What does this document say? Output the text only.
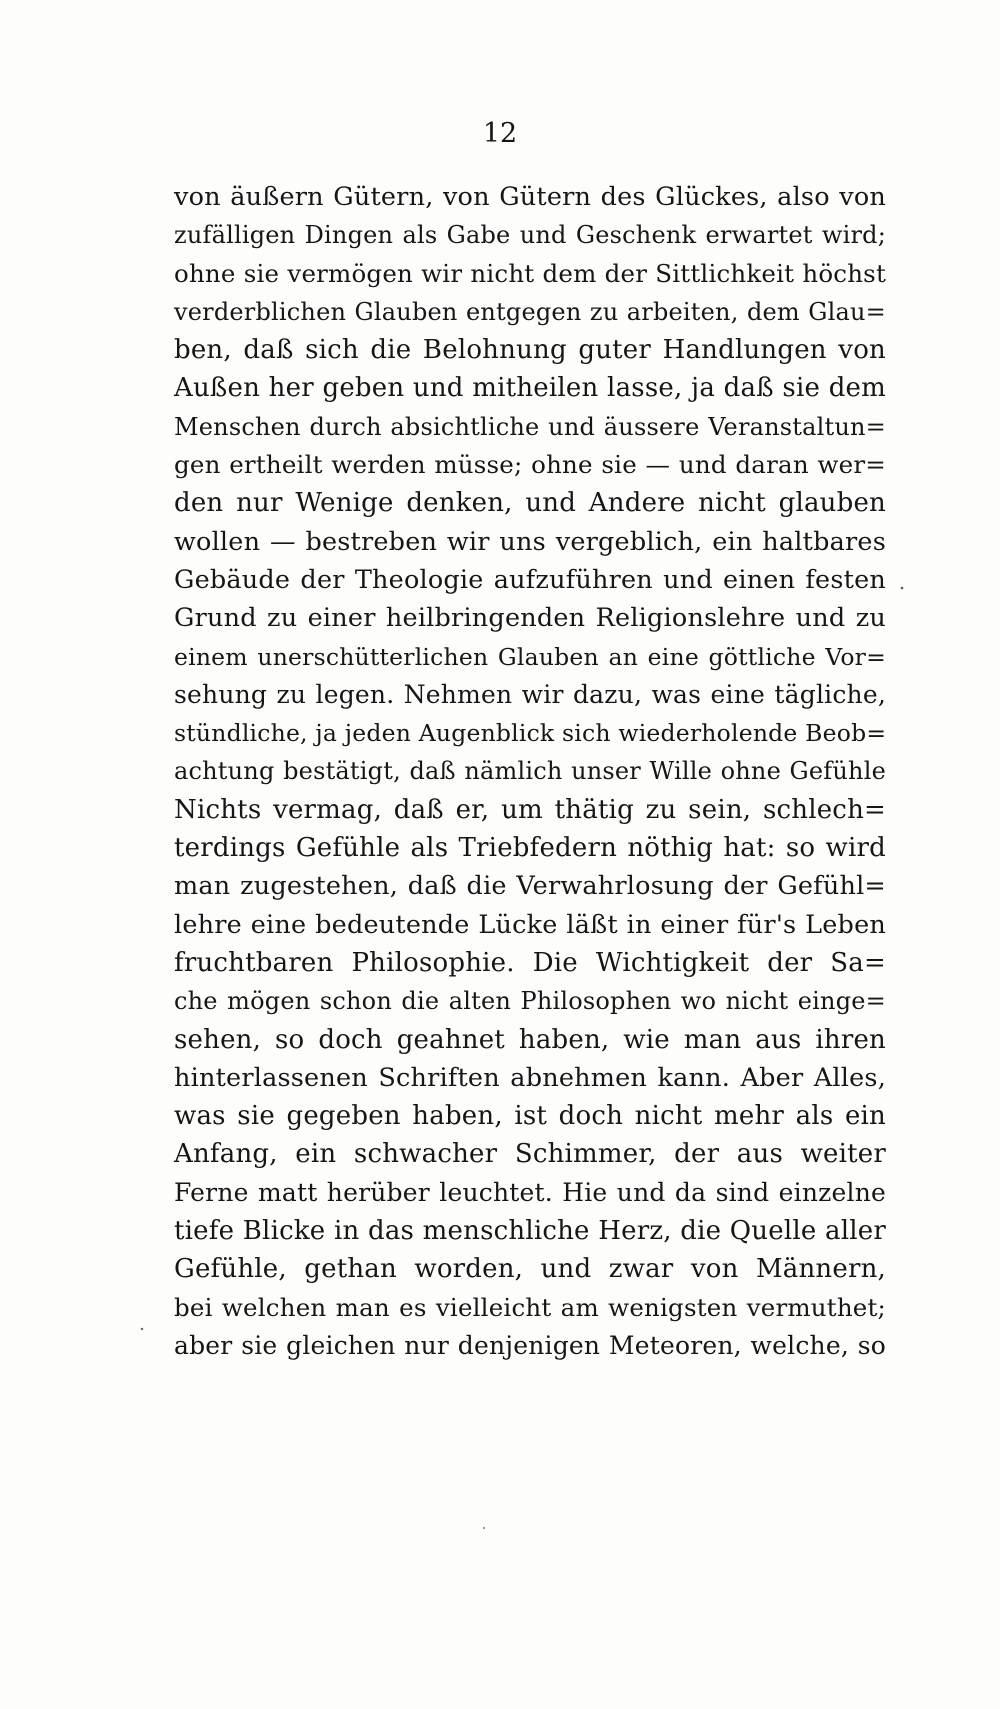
12
von äußern Gütern, von Gütern des Glückes, also von
zufälligen Dingen als Gabe und Geschenk erwartet wird;
ohne sie vermögen wir nicht dem der Sittlichkeit höchst
verderblichen Glauben entgegen zu arbeiten, dem Glau=
ben, daß sich die Belohnung guter Handlungen von
Außen her geben und mitheilen lasse, ja daß sie dem
Menschen durch absichtliche und äussere Veranstaltun=
gen ertheilt werden müsse; ohne sie — und daran wer=
den nur Wenige denken, und Andere nicht glauben
wollen — bestreben wir uns vergeblich, ein haltbares
Gebäude der Theologie aufzuführen und einen festen
Grund zu einer heilbringenden Religionslehre und zu
einem unerschütterlichen Glauben an eine göttliche Vor=
sehung zu legen. Nehmen wir dazu, was eine tägliche,
stündliche, ja jeden Augenblick sich wiederholende Beob=
achtung bestätigt, daß nämlich unser Wille ohne Gefühle
Nichts vermag, daß er, um thätig zu sein, schlech=
terdings Gefühle als Triebfedern nöthig hat: so wird
man zugestehen, daß die Verwahrlosung der Gefühl=
lehre eine bedeutende Lücke läßt in einer für's Leben
fruchtbaren Philosophie. Die Wichtigkeit der Sa=
che mögen schon die alten Philosophen wo nicht einge=
sehen, so doch geahnet haben, wie man aus ihren
hinterlassenen Schriften abnehmen kann. Aber Alles,
was sie gegeben haben, ist doch nicht mehr als ein
Anfang, ein schwacher Schimmer, der aus weiter
Ferne matt herüber leuchtet. Hie und da sind einzelne
tiefe Blicke in das menschliche Herz, die Quelle aller
Gefühle, gethan worden, und zwar von Männern,
bei welchen man es vielleicht am wenigsten vermuthet;
aber sie gleichen nur denjenigen Meteoren, welche, so
